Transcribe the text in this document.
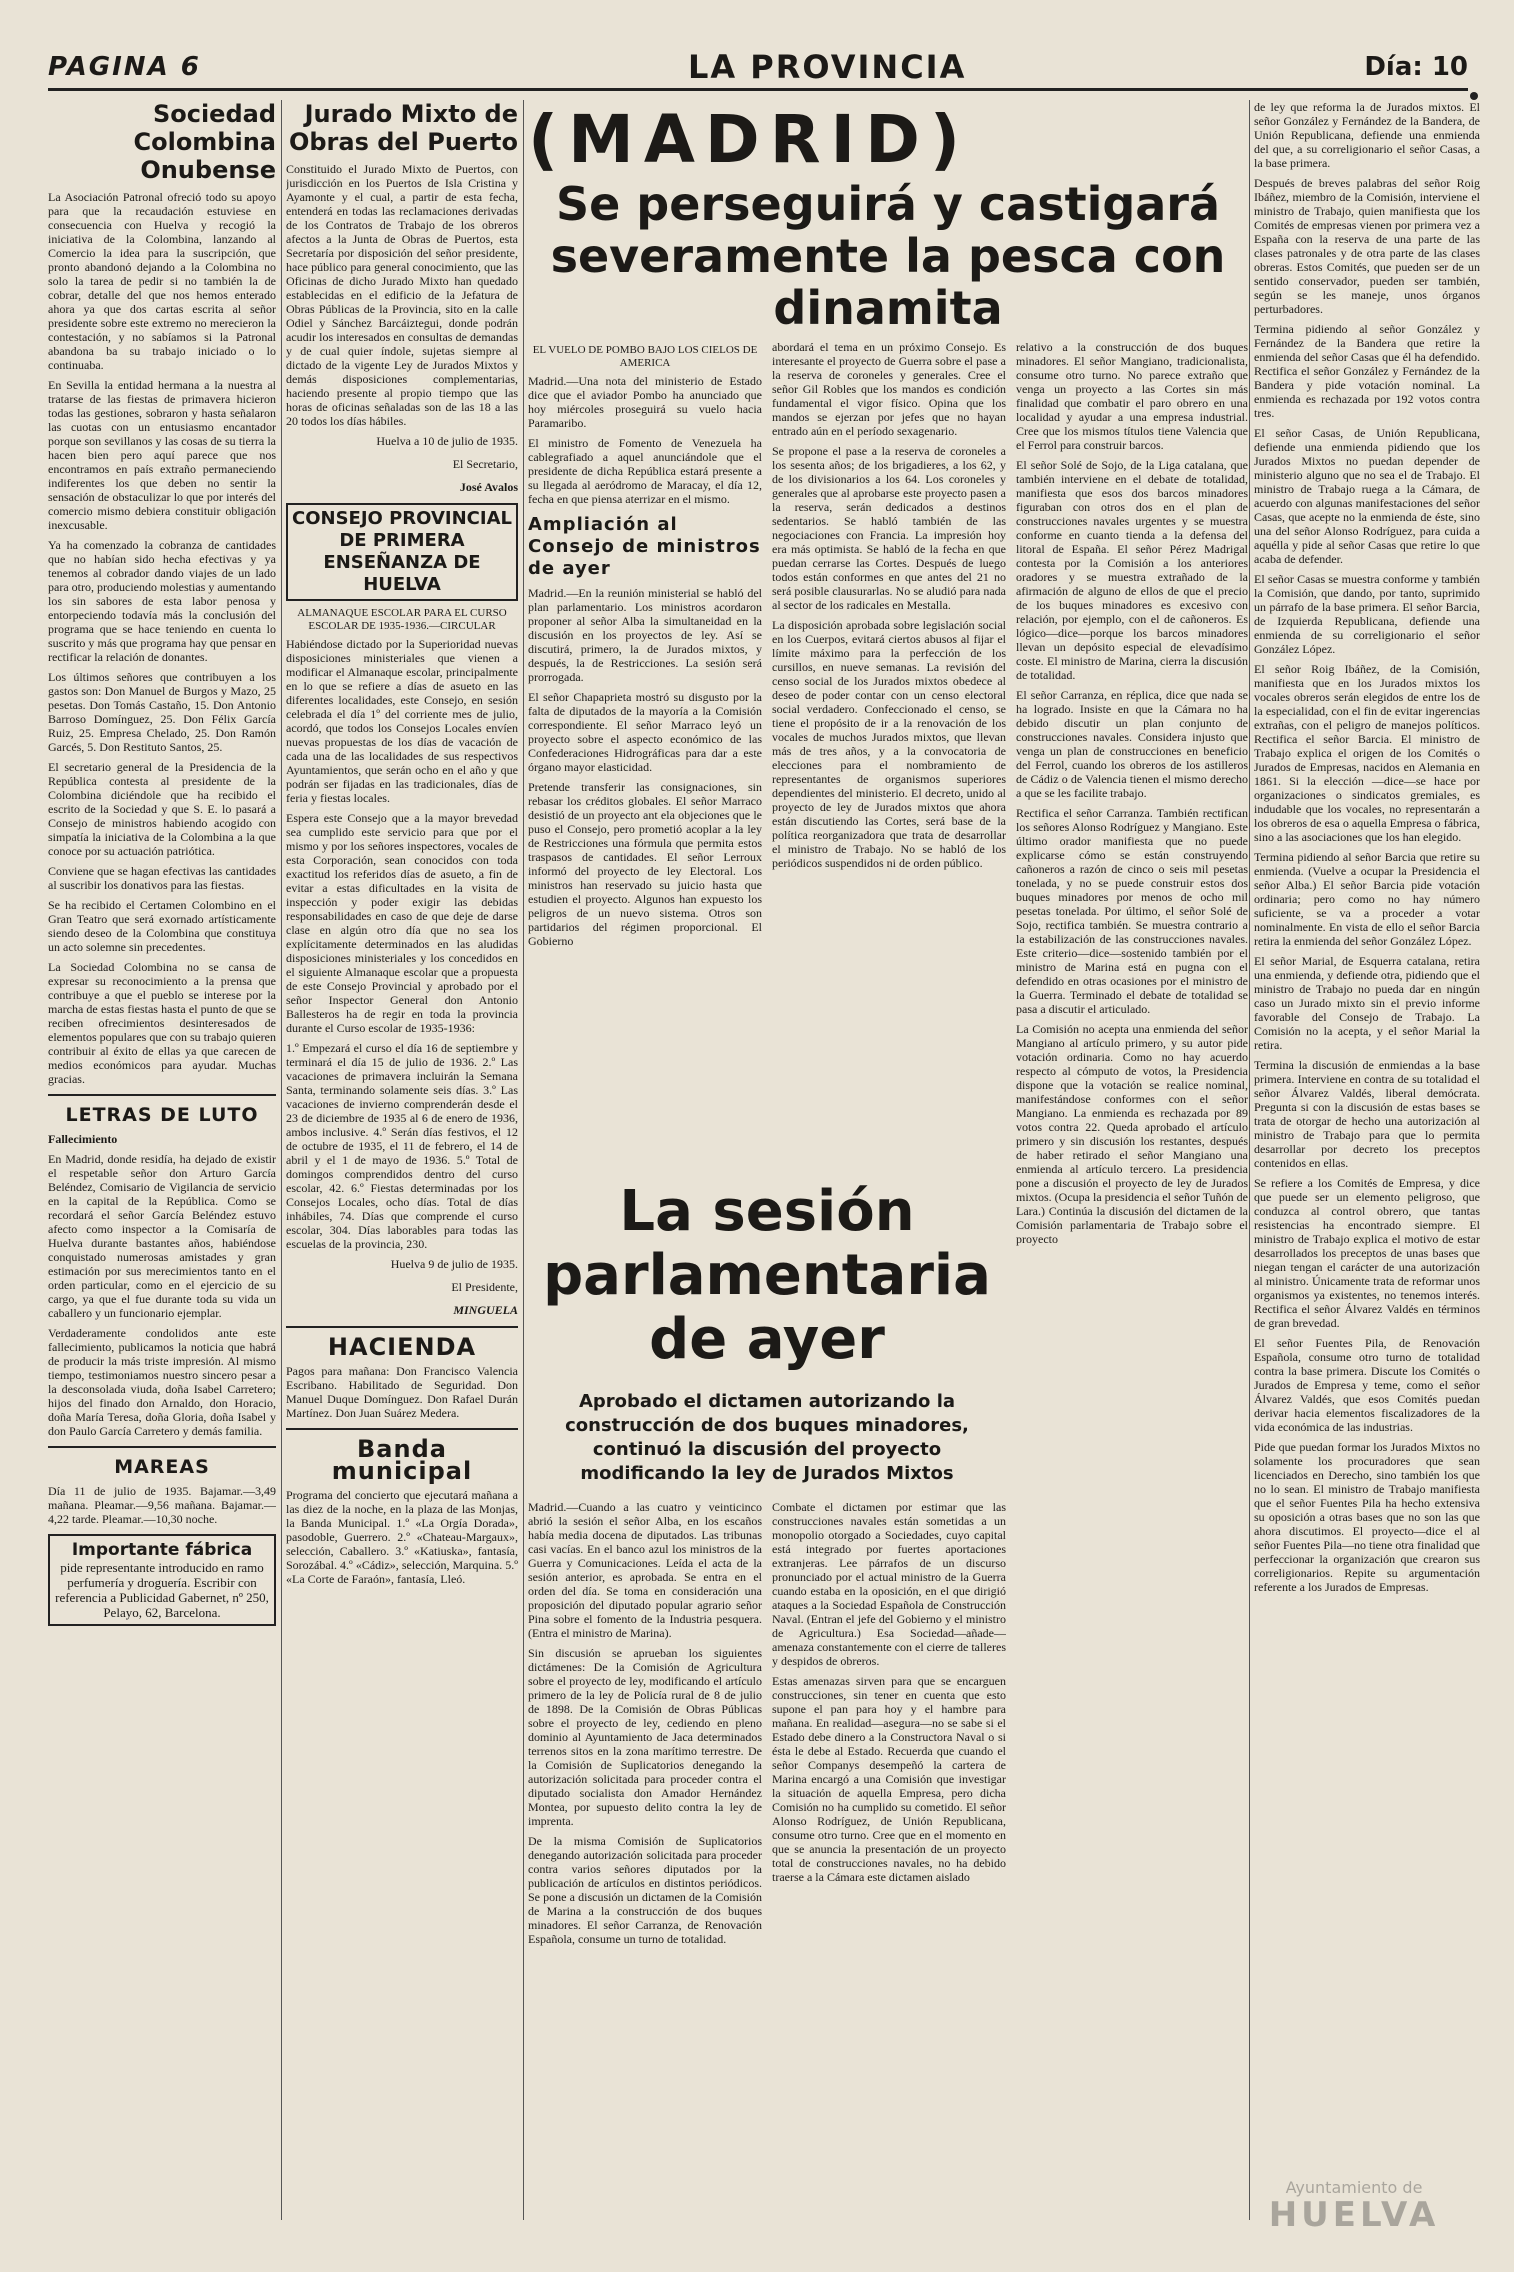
PAGINA 6	LA PROVINCIA	Día: 10
Sociedad Colombina Onubense

La Asociación Patronal ofreció todo su apoyo para que la recaudación estuviese en consecuencia con Huelva y recogió la iniciativa de la Colombina, lanzando al Comercio la idea para la suscripción, que pronto abandonó dejando a la Colombina no solo la tarea de pedir si no también la de cobrar, detalle del que nos hemos enterado ahora ya que dos cartas escrita al señor presidente sobre este extremo no merecieron la contestación, y no sabíamos si la Patronal abandona ba su trabajo iniciado o lo continuaba.

En Sevilla la entidad hermana a la nuestra al tratarse de las fiestas de primavera hicieron todas las gestiones, sobraron y hasta señalaron las cuotas con un entusiasmo encantador porque son sevillanos y las cosas de su tierra la hacen bien pero aquí parece que nos encontramos en país extraño permaneciendo indiferentes los que deben no sentir la sensación de obstaculizar lo que por interés del comercio mismo debiera constituir obligación inexcusable.

Ya ha comenzado la cobranza de cantidades que no habían sido hecha efectivas y ya tenemos al cobrador dando viajes de un lado para otro, produciendo molestias y aumentando los sin sabores de esta labor penosa y entorpeciendo todavía más la conclusión del programa que se hace teniendo en cuenta lo suscrito y más que programa hay que pensar en rectificar la relación de donantes.

Los últimos señores que contribuyen a los gastos son: Don Manuel de Burgos y Mazo, 25 pesetas. Don Tomás Castaño, 15. Don Antonio Barroso Domínguez, 25. Don Félix García Ruiz, 25. Empresa Chelado, 25. Don Ramón Garcés, 5. Don Restituto Santos, 25.

El secretario general de la Presidencia de la República contesta al presidente de la Colombina diciéndole que ha recibido el escrito de la Sociedad y que S. E. lo pasará a Consejo de ministros habiendo acogido con simpatía la iniciativa de la Colombina a la que conoce por su actuación patriótica.

Conviene que se hagan efectivas las cantidades al suscribir los donativos para las fiestas.

Se ha recibido el Certamen Colombino en el Gran Teatro que será exornado artísticamente siendo deseo de la Colombina que constituya un acto solemne sin precedentes.

La Sociedad Colombina no se cansa de expresar su reconocimiento a la prensa que contribuye a que el pueblo se interese por la marcha de estas fiestas hasta el punto de que se reciben ofrecimientos desinteresados de elementos populares que con su trabajo quieren contribuir al éxito de ellas ya que carecen de medios económicos para ayudar. Muchas gracias.

LETRAS DE LUTO

Fallecimiento

En Madrid, donde residía, ha dejado de existir el respetable señor don Arturo García Beléndez, Comisario de Vigilancia de servicio en la capital de la República. Como se recordará el señor García Beléndez estuvo afecto como inspector a la Comisaría de Huelva durante bastantes años, habiéndose conquistado numerosas amistades y gran estimación por sus merecimientos tanto en el orden particular, como en el ejercicio de su cargo, ya que el fue durante toda su vida un caballero y un funcionario ejemplar.

Verdaderamente condolidos ante este fallecimiento, publicamos la noticia que habrá de producir la más triste impresión. Al mismo tiempo, testimoniamos nuestro sincero pesar a la desconsolada viuda, doña Isabel Carretero; hijos del finado don Arnaldo, don Horacio, doña María Teresa, doña Gloria, doña Isabel y don Paulo García Carretero y demás familia.

MAREAS

Día 11 de julio de 1935. Bajamar.—3,49 mañana. Pleamar.—9,56 mañana. Bajamar.—4,22 tarde. Pleamar.—10,30 noche.

Importante fábrica
pide representante introducido en ramo perfumería y droguería. Escribir con referencia a Publicidad Gabernet, nº 250, Pelayo, 62, Barcelona.
Jurado Mixto de Obras del Puerto

Constituido el Jurado Mixto de Puertos, con jurisdicción en los Puertos de Isla Cristina y Ayamonte y el cual, a partir de esta fecha, entenderá en todas las reclamaciones derivadas de los Contratos de Trabajo de los obreros afectos a la Junta de Obras de Puertos, esta Secretaría por disposición del señor presidente, hace público para general conocimiento, que las Oficinas de dicho Jurado Mixto han quedado establecidas en el edificio de la Jefatura de Obras Públicas de la Provincia, sito en la calle Odiel y Sánchez Barcáiztegui, donde podrán acudir los interesados en consultas de demandas y de cual quier índole, sujetas siempre al dictado de la vigente Ley de Jurados Mixtos y demás disposiciones complementarias, haciendo presente al propio tiempo que las horas de oficinas señaladas son de las 18 a las 20 todos los días hábiles.

Huelva a 10 de julio de 1935.

El Secretario,

José Avalos

CONSEJO PROVINCIAL DE PRIMERA ENSEÑANZA DE HUELVA

ALMANAQUE ESCOLAR PARA EL CURSO ESCOLAR DE 1935-1936.—CIRCULAR

Habiéndose dictado por la Superioridad nuevas disposiciones ministeriales que vienen a modificar el Almanaque escolar, principalmente en lo que se refiere a días de asueto en las diferentes localidades, este Consejo, en sesión celebrada el día 1º del corriente mes de julio, acordó, que todos los Consejos Locales envíen nuevas propuestas de los días de vacación de cada una de las localidades de sus respectivos Ayuntamientos, que serán ocho en el año y que podrán ser fijadas en las tradicionales, días de feria y fiestas locales.

Espera este Consejo que a la mayor brevedad sea cumplido este servicio para que por el mismo y por los señores inspectores, vocales de esta Corporación, sean conocidos con toda exactitud los referidos días de asueto, a fin de evitar a estas dificultades en la visita de inspección y poder exigir las debidas responsabilidades en caso de que deje de darse clase en algún otro día que no sea los explícitamente determinados en las aludidas disposiciones ministeriales y los concedidos en el siguiente Almanaque escolar que a propuesta de este Consejo Provincial y aprobado por el señor Inspector General don Antonio Ballesteros ha de regir en toda la provincia durante el Curso escolar de 1935-1936:

1.º Empezará el curso el día 16 de septiembre y terminará el día 15 de julio de 1936. 2.º Las vacaciones de primavera incluirán la Semana Santa, terminando solamente seis días. 3.º Las vacaciones de invierno comprenderán desde el 23 de diciembre de 1935 al 6 de enero de 1936, ambos inclusive. 4.º Serán días festivos, el 12 de octubre de 1935, el 11 de febrero, el 14 de abril y el 1 de mayo de 1936. 5.º Total de domingos comprendidos dentro del curso escolar, 42. 6.º Fiestas determinadas por los Consejos Locales, ocho días. Total de días inhábiles, 74. Días que comprende el curso escolar, 304. Días laborables para todas las escuelas de la provincia, 230.

Huelva 9 de julio de 1935.

El Presidente,

MINGUELA

HACIENDA

Pagos para mañana: Don Francisco Valencia Escribano. Habilitado de Seguridad. Don Manuel Duque Domínguez. Don Rafael Durán Martínez. Don Juan Suárez Medera.

Banda municipal

Programa del concierto que ejecutará mañana a las diez de la noche, en la plaza de las Monjas, la Banda Municipal. 1.º «La Orgía Dorada», pasodoble, Guerrero. 2.º «Chateau-Margaux», selección, Caballero. 3.º «Katiuska», fantasía, Sorozábal. 4.º «Cádiz», selección, Marquina. 5.º «La Corte de Faraón», fantasía, Lleó.

(MADRID)
Se perseguirá y castigará severamente la pesca con dinamita

EL VUELO DE POMBO BAJO LOS CIELOS DE AMERICA

Madrid.—Una nota del ministerio de Estado dice que el aviador Pombo ha anunciado que hoy miércoles proseguirá su vuelo hacia Paramaribo.

El ministro de Fomento de Venezuela ha cablegrafiado a aquel anunciándole que el presidente de dicha República estará presente a su llegada al aeródromo de Maracay, el día 12, fecha en que piensa aterrizar en el mismo.

Ampliación al Consejo de ministros de ayer

Madrid.—En la reunión ministerial se habló del plan parlamentario. Los ministros acordaron proponer al señor Alba la simultaneidad en la discusión en los proyectos de ley. Así se discutirá, primero, la de Jurados mixtos, y después, la de Restricciones. La sesión será prorrogada.

El señor Chapaprieta mostró su disgusto por la falta de diputados de la mayoría a la Comisión correspondiente. El señor Marraco leyó un proyecto sobre el aspecto económico de las Confederaciones Hidrográficas para dar a este órgano mayor elasticidad.

Pretende transferir las consignaciones, sin rebasar los créditos globales. El señor Marraco desistió de un proyecto ant ela objeciones que le puso el Consejo, pero prometió acoplar a la ley de Restricciones una fórmula que permita estos traspasos de cantidades. El señor Lerroux informó del proyecto de ley Electoral. Los ministros han reservado su juicio hasta que estudien el proyecto. Algunos han expuesto los peligros de un nuevo sistema. Otros son partidarios del régimen proporcional. El Gobierno

abordará el tema en un próximo Consejo. Es interesante el proyecto de Guerra sobre el pase a la reserva de coroneles y generales. Cree el señor Gil Robles que los mandos es condición fundamental el vigor físico. Opina que los mandos se ejerzan por jefes que no hayan entrado aún en el período sexagenario.

Se propone el pase a la reserva de coroneles a los sesenta años; de los brigadieres, a los 62, y de los divisionarios a los 64. Los coroneles y generales que al aprobarse este proyecto pasen a la reserva, serán dedicados a destinos sedentarios. Se habló también de las negociaciones con Francia. La impresión hoy era más optimista. Se habló de la fecha en que puedan cerrarse las Cortes. Después de luego todos están conformes en que antes del 21 no será posible clausurarlas. No se aludió para nada al sector de los radicales en Mestalla.

La disposición aprobada sobre legislación social en los Cuerpos, evitará ciertos abusos al fijar el límite máximo para la perfección de los cursillos, en nueve semanas. La revisión del censo social de los Jurados mixtos obedece al deseo de poder contar con un censo electoral social verdadero. Confeccionado el censo, se tiene el propósito de ir a la renovación de los vocales de muchos Jurados mixtos, que llevan más de tres años, y a la convocatoria de elecciones para el nombramiento de representantes de organismos superiores dependientes del ministerio. El decreto, unido al proyecto de ley de Jurados mixtos que ahora están discutiendo las Cortes, será base de la política reorganizadora que trata de desarrollar el ministro de Trabajo. No se habló de los periódicos suspendidos ni de orden público.

La sesión parlamentaria de ayer
Aprobado el dictamen autorizando la construcción de dos buques minadores, continuó la discusión del proyecto modificando la ley de Jurados Mixtos

Madrid.—Cuando a las cuatro y veinticinco abrió la sesión el señor Alba, en los escaños había media docena de diputados. Las tribunas casi vacías. En el banco azul los ministros de la Guerra y Comunicaciones. Leída el acta de la sesión anterior, es aprobada. Se entra en el orden del día. Se toma en consideración una proposición del diputado popular agrario señor Pina sobre el fomento de la Industria pesquera. (Entra el ministro de Marina).

Sin discusión se aprueban los siguientes dictámenes: De la Comisión de Agricultura sobre el proyecto de ley, modificando el artículo primero de la ley de Policía rural de 8 de julio de 1898. De la Comisión de Obras Públicas sobre el proyecto de ley, cediendo en pleno dominio al Ayuntamiento de Jaca determinados terrenos sitos en la zona marítimo terrestre. De la Comisión de Suplicatorios denegando la autorización solicitada para proceder contra el diputado socialista don Amador Hernández Montea, por supuesto delito contra la ley de imprenta.

De la misma Comisión de Suplicatorios denegando autorización solicitada para proceder contra varios señores diputados por la publicación de artículos en distintos periódicos. Se pone a discusión un dictamen de la Comisión de Marina a la construcción de dos buques minadores. El señor Carranza, de Renovación Española, consume un turno de totalidad.

Combate el dictamen por estimar que las construcciones navales están sometidas a un monopolio otorgado a Sociedades, cuyo capital está integrado por fuertes aportaciones extranjeras. Lee párrafos de un discurso pronunciado por el actual ministro de la Guerra cuando estaba en la oposición, en el que dirigió ataques a la Sociedad Española de Construcción Naval. (Entran el jefe del Gobierno y el ministro de Agricultura.) Esa Sociedad—añade—amenaza constantemente con el cierre de talleres y despidos de obreros.

Estas amenazas sirven para que se encarguen construcciones, sin tener en cuenta que esto supone el pan para hoy y el hambre para mañana. En realidad—asegura—no se sabe si el Estado debe dinero a la Constructora Naval o si ésta le debe al Estado. Recuerda que cuando el señor Companys desempeñó la cartera de Marina encargó a una Comisión que investigar la situación de aquella Empresa, pero dicha Comisión no ha cumplido su cometido. El señor Alonso Rodríguez, de Unión Republicana, consume otro turno. Cree que en el momento en que se anuncia la presentación de un proyecto total de construcciones navales, no ha debido traerse a la Cámara este dictamen aislado

relativo a la construcción de dos buques minadores. El señor Mangiano, tradicionalista, consume otro turno. No parece extraño que venga un proyecto a las Cortes sin más finalidad que combatir el paro obrero en una localidad y ayudar a una empresa industrial. Cree que los mismos títulos tiene Valencia que el Ferrol para construir barcos.

El señor Solé de Sojo, de la Liga catalana, que también interviene en el debate de totalidad, manifiesta que esos dos barcos minadores figuraban con otros dos en el plan de construcciones navales urgentes y se muestra conforme en cuanto tienda a la defensa del litoral de España. El señor Pérez Madrigal contesta por la Comisión a los anteriores oradores y se muestra extrañado de la afirmación de alguno de ellos de que el precio de los buques minadores es excesivo con relación, por ejemplo, con el de cañoneros. Es lógico—dice—porque los barcos minadores llevan un depósito especial de elevadísimo coste. El ministro de Marina, cierra la discusión de totalidad.

El señor Carranza, en réplica, dice que nada se ha logrado. Insiste en que la Cámara no ha debido discutir un plan conjunto de construcciones navales. Considera injusto que venga un plan de construcciones en beneficio del Ferrol, cuando los obreros de los astilleros de Cádiz o de Valencia tienen el mismo derecho a que se les facilite trabajo.

Rectifica el señor Carranza. También rectifican los señores Alonso Rodríguez y Mangiano. Este último orador manifiesta que no puede explicarse cómo se están construyendo cañoneros a razón de cinco o seis mil pesetas tonelada, y no se puede construir estos dos buques minadores por menos de ocho mil pesetas tonelada. Por último, el señor Solé de Sojo, rectifica también. Se muestra contrario a la estabilización de las construcciones navales. Este criterio—dice—sostenido también por el ministro de Marina está en pugna con el defendido en otras ocasiones por el ministro de la Guerra. Terminado el debate de totalidad se pasa a discutir el articulado.

La Comisión no acepta una enmienda del señor Mangiano al artículo primero, y su autor pide votación ordinaria. Como no hay acuerdo respecto al cómputo de votos, la Presidencia dispone que la votación se realice nominal, manifestándose conformes con el señor Mangiano. La enmienda es rechazada por 89 votos contra 22. Queda aprobado el artículo primero y sin discusión los restantes, después de haber retirado el señor Mangiano una enmienda al artículo tercero. La presidencia pone a discusión el proyecto de ley de Jurados mixtos. (Ocupa la presidencia el señor Tuñón de Lara.) Continúa la discusión del dictamen de la Comisión parlamentaria de Trabajo sobre el proyecto

de ley que reforma la de Jurados mixtos. El señor González y Fernández de la Bandera, de Unión Republicana, defiende una enmienda del que, a su correligionario el señor Casas, a la base primera.

Después de breves palabras del señor Roig Ibáñez, miembro de la Comisión, interviene el ministro de Trabajo, quien manifiesta que los Comités de empresas vienen por primera vez a España con la reserva de una parte de las clases patronales y de otra parte de las clases obreras. Estos Comités, que pueden ser de un sentido conservador, pueden ser también, según se les maneje, unos órganos perturbadores.

Termina pidiendo al señor González y Fernández de la Bandera que retire la enmienda del señor Casas que él ha defendido. Rectifica el señor González y Fernández de la Bandera y pide votación nominal. La enmienda es rechazada por 192 votos contra tres.

El señor Casas, de Unión Republicana, defiende una enmienda pidiendo que los Jurados Mixtos no puedan depender de ministerio alguno que no sea el de Trabajo. El ministro de Trabajo ruega a la Cámara, de acuerdo con algunas manifestaciones del señor Casas, que acepte no la enmienda de éste, sino una del señor Alonso Rodríguez, para cuida a aquélla y pide al señor Casas que retire lo que acaba de defender.

El señor Casas se muestra conforme y también la Comisión, que dando, por tanto, suprimido un párrafo de la base primera. El señor Barcia, de Izquierda Republicana, defiende una enmienda de su correligionario el señor González López.

El señor Roig Ibáñez, de la Comisión, manifiesta que en los Jurados mixtos los vocales obreros serán elegidos de entre los de la especialidad, con el fin de evitar ingerencias extrañas, con el peligro de manejos políticos. Rectifica el señor Barcia. El ministro de Trabajo explica el origen de los Comités o Jurados de Empresas, nacidos en Alemania en 1861. Si la elección —dice—se hace por organizaciones o sindicatos gremiales, es indudable que los vocales, no representarán a los obreros de esa o aquella Empresa o fábrica, sino a las asociaciones que los han elegido.

Termina pidiendo al señor Barcia que retire su enmienda. (Vuelve a ocupar la Presidencia el señor Alba.) El señor Barcia pide votación ordinaria; pero como no hay número suficiente, se va a proceder a votar nominalmente. En vista de ello el señor Barcia retira la enmienda del señor González López.

El señor Marial, de Esquerra catalana, retira una enmienda, y defiende otra, pidiendo que el ministro de Trabajo no pueda dar en ningún caso un Jurado mixto sin el previo informe favorable del Consejo de Trabajo. La Comisión no la acepta, y el señor Marial la retira.

Termina la discusión de enmiendas a la base primera. Interviene en contra de su totalidad el señor Álvarez Valdés, liberal demócrata. Pregunta si con la discusión de estas bases se trata de otorgar de hecho una autorización al ministro de Trabajo para que lo permita desarrollar por decreto los preceptos contenidos en ellas.

Se refiere a los Comités de Empresa, y dice que puede ser un elemento peligroso, que conduzca al control obrero, que tantas resistencias ha encontrado siempre. El ministro de Trabajo explica el motivo de estar desarrollados los preceptos de unas bases que niegan tengan el carácter de una autorización al ministro. Únicamente trata de reformar unos organismos ya existentes, no tenemos interés. Rectifica el señor Álvarez Valdés en términos de gran brevedad.

El señor Fuentes Pila, de Renovación Española, consume otro turno de totalidad contra la base primera. Discute los Comités o Jurados de Empresa y teme, como el señor Álvarez Valdés, que esos Comités puedan derivar hacia elementos fiscalizadores de la vida económica de las industrias.

Pide que puedan formar los Jurados Mixtos no solamente los procuradores que sean licenciados en Derecho, sino también los que no lo sean. El ministro de Trabajo manifiesta que el señor Fuentes Pila ha hecho extensiva su oposición a otras bases que no son las que ahora discutimos. El proyecto—dice el al señor Fuentes Pila—no tiene otra finalidad que perfeccionar la organización que crearon sus correligionarios. Repite su argumentación referente a los Jurados de Empresas.

Ayuntamiento de
HUELVA
